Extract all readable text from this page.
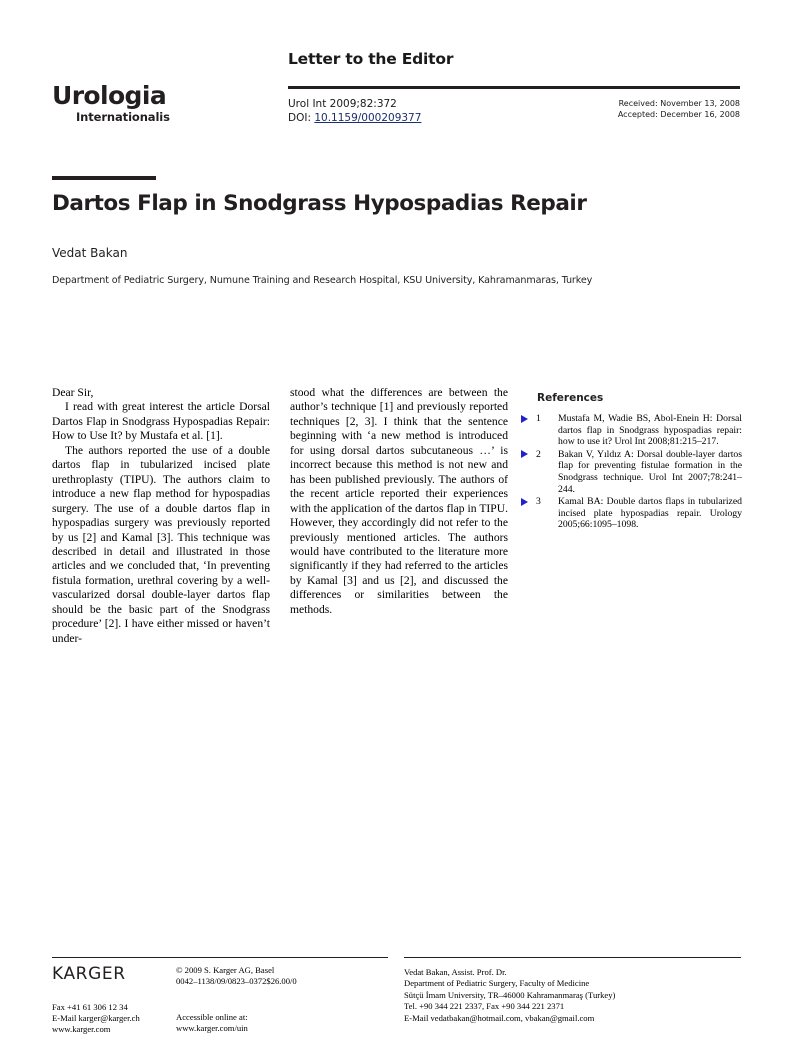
Letter to the Editor
Urol Int 2009;82:372
DOI: 10.1159/000209377
Received: November 13, 2008
Accepted: December 16, 2008
Urologia
Internationalis
Dartos Flap in Snodgrass Hypospadias Repair
Vedat Bakan
Department of Pediatric Surgery, Numune Training and Research Hospital, KSU University, Kahramanmaras, Turkey

Dear Sir,

I read with great interest the article Dorsal Dartos Flap in Snodgrass Hypospadias Repair: How to Use It? by Mustafa et al. [1].

The authors reported the use of a double dartos flap in tubularized incised plate urethroplasty (TIPU). The authors claim to introduce a new flap method for hypospadias surgery. The use of a double dartos flap in hypospadias surgery was previously reported by us [2] and Kamal [3]. This technique was described in detail and illustrated in those articles and we concluded that, ‘In preventing fistula formation, urethral covering by a well-vascularized dorsal double-layer dartos flap should be the basic part of the Snodgrass procedure’ [2]. I have either missed or haven’t under-

stood what the differences are between the author’s technique [1] and previously reported techniques [2, 3]. I think that the sentence beginning with ‘a new method is introduced for using dorsal dartos subcutaneous …’ is incorrect because this method is not new and has been published previously. The authors of the recent article reported their experiences with the application of the dartos flap in TIPU. However, they accordingly did not refer to the previously mentioned articles. The authors would have contributed to the literature more significantly if they had referred to the articles by Kamal [3] and us [2], and discussed the differences or similarities between the methods.

References
1	Mustafa M, Wadie BS, Abol-Enein H: Dorsal dartos flap in Snodgrass hypospadias repair: how to use it? Urol Int 2008;81:215–217.
2	Bakan V, Yıldız A: Dorsal double-layer dartos flap for preventing fistulae formation in the Snodgrass technique. Urol Int 2007;78:241–244.
3	Kamal BA: Double dartos flaps in tubularized incised plate hypospadias repair. Urology 2005;66:1095–1098.
KARGER
Fax +41 61 306 12 34
E-Mail karger@karger.ch
www.karger.com
© 2009 S. Karger AG, Basel
0042–1138/09/0823–0372$26.00/0
Accessible online at:
www.karger.com/uin
Vedat Bakan, Assist. Prof. Dr.
Department of Pediatric Surgery, Faculty of Medicine
Sütçü İmam University, TR–46000 Kahramanmaraş (Turkey)
Tel. +90 344 221 2337, Fax +90 344 221 2371
E-Mail vedatbakan@hotmail.com, vbakan@gmail.com
